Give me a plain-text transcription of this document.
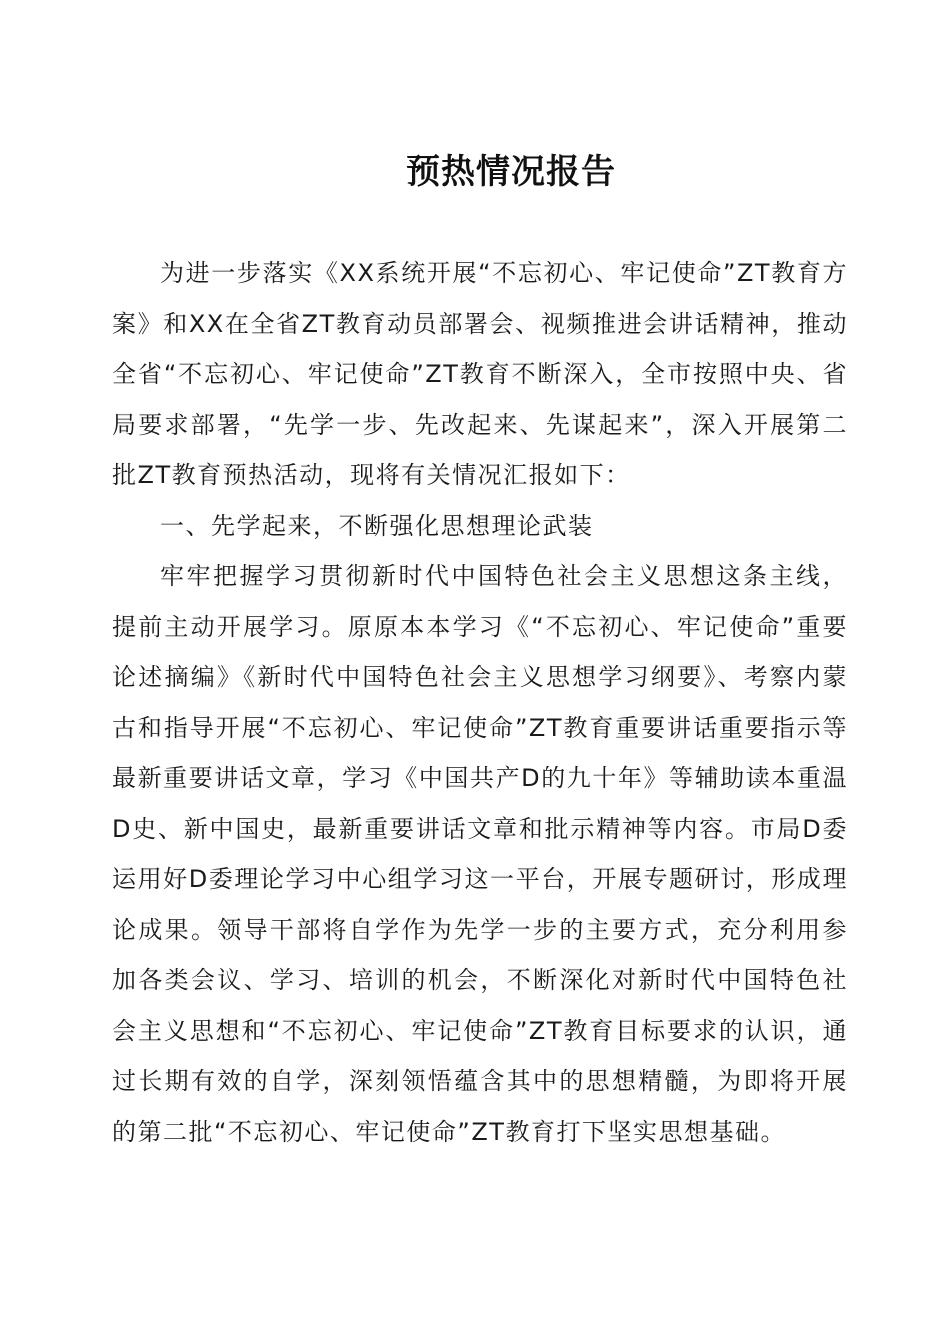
预热情况报告

为进一步落实《XX系统开展“不忘初心、牢记使命”ZT教育方案》和XX在全省ZT教育动员部署会、视频推进会讲话精神，推动全省“不忘初心、牢记使命”ZT教育不断深入，全市按照中央、省局要求部署，“先学一步、先改起来、先谋起来”，深入开展第二批ZT教育预热活动，现将有关情况汇报如下：

一、先学起来，不断强化思想理论武装

牢牢把握学习贯彻新时代中国特色社会主义思想这条主线，提前主动开展学习。原原本本学习《“不忘初心、牢记使命”重要论述摘编》《新时代中国特色社会主义思想学习纲要》、考察内蒙古和指导开展“不忘初心、牢记使命”ZT教育重要讲话重要指示等最新重要讲话文章，学习《中国共产D的九十年》等辅助读本重温D史、新中国史，最新重要讲话文章和批示精神等内容。市局D委运用好D委理论学习中心组学习这一平台，开展专题研讨，形成理论成果。领导干部将自学作为先学一步的主要方式，充分利用参加各类会议、学习、培训的机会，不断深化对新时代中国特色社会主义思想和“不忘初心、牢记使命”ZT教育目标要求的认识，通过长期有效的自学，深刻领悟蕴含其中的思想精髓，为即将开展的第二批“不忘初心、牢记使命”ZT教育打下坚实思想基础。
